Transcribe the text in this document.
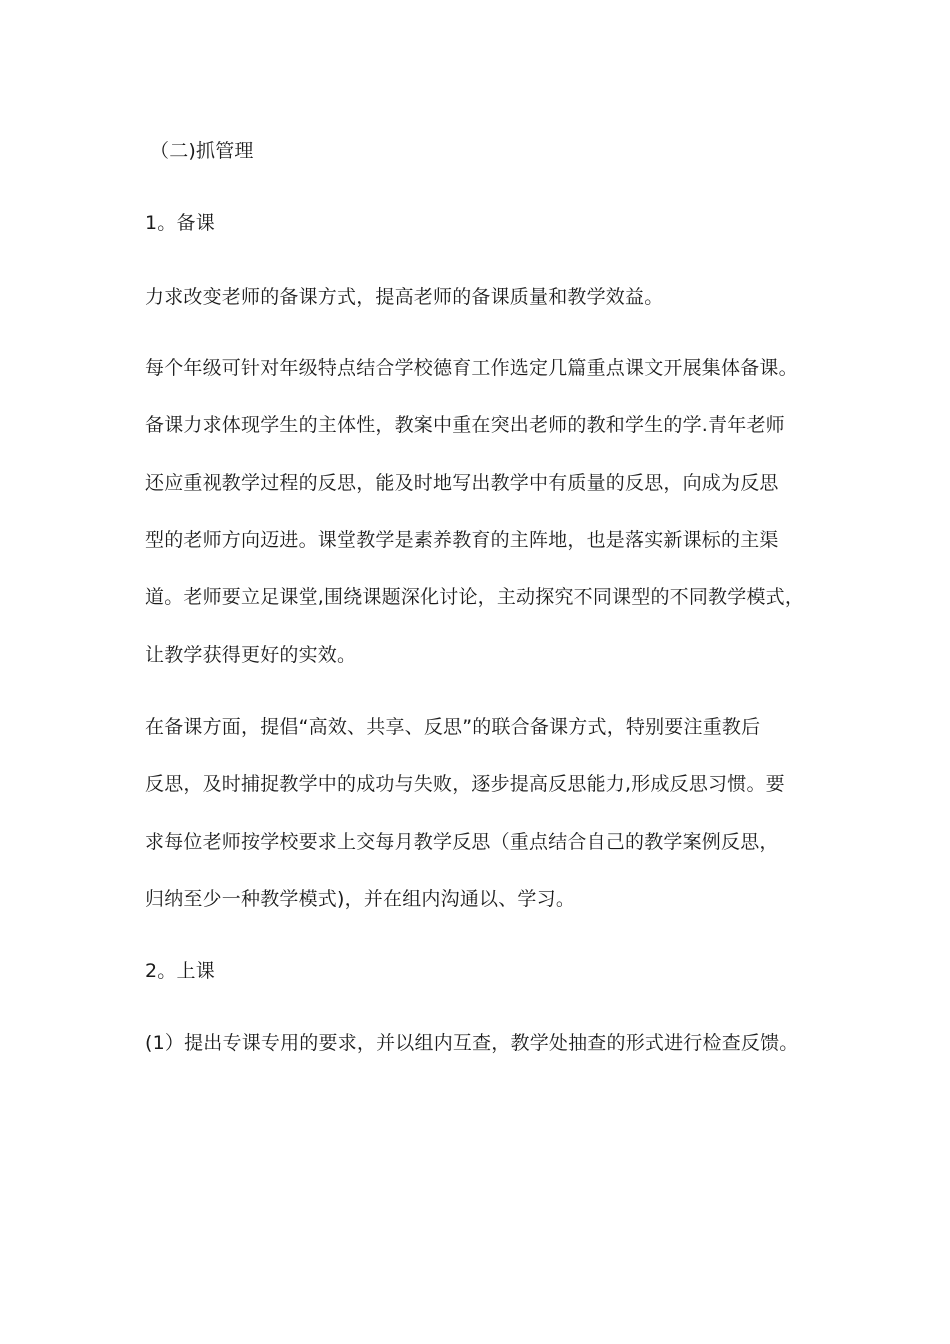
（二)抓管理

1。备课

力求改变老师的备课方式，提高老师的备课质量和教学效益。

每个年级可针对年级特点结合学校德育工作选定几篇重点课文开展集体备课。

备课力求体现学生的主体性，教案中重在突出老师的教和学生的学.青年老师

还应重视教学过程的反思，能及时地写出教学中有质量的反思，向成为反思

型的老师方向迈进。课堂教学是素养教育的主阵地，也是落实新课标的主渠

道。老师要立足课堂,围绕课题深化讨论，主动探究不同课型的不同教学模式，

让教学获得更好的实效。

在备课方面，提倡“高效、共享、反思”的联合备课方式，特别要注重教后

反思，及时捕捉教学中的成功与失败，逐步提高反思能力,形成反思习惯。要

求每位老师按学校要求上交每月教学反思（重点结合自己的教学案例反思，

归纳至少一种教学模式)，并在组内沟通以、学习。

2。上课

(1）提出专课专用的要求，并以组内互查，教学处抽查的形式进行检查反馈。
